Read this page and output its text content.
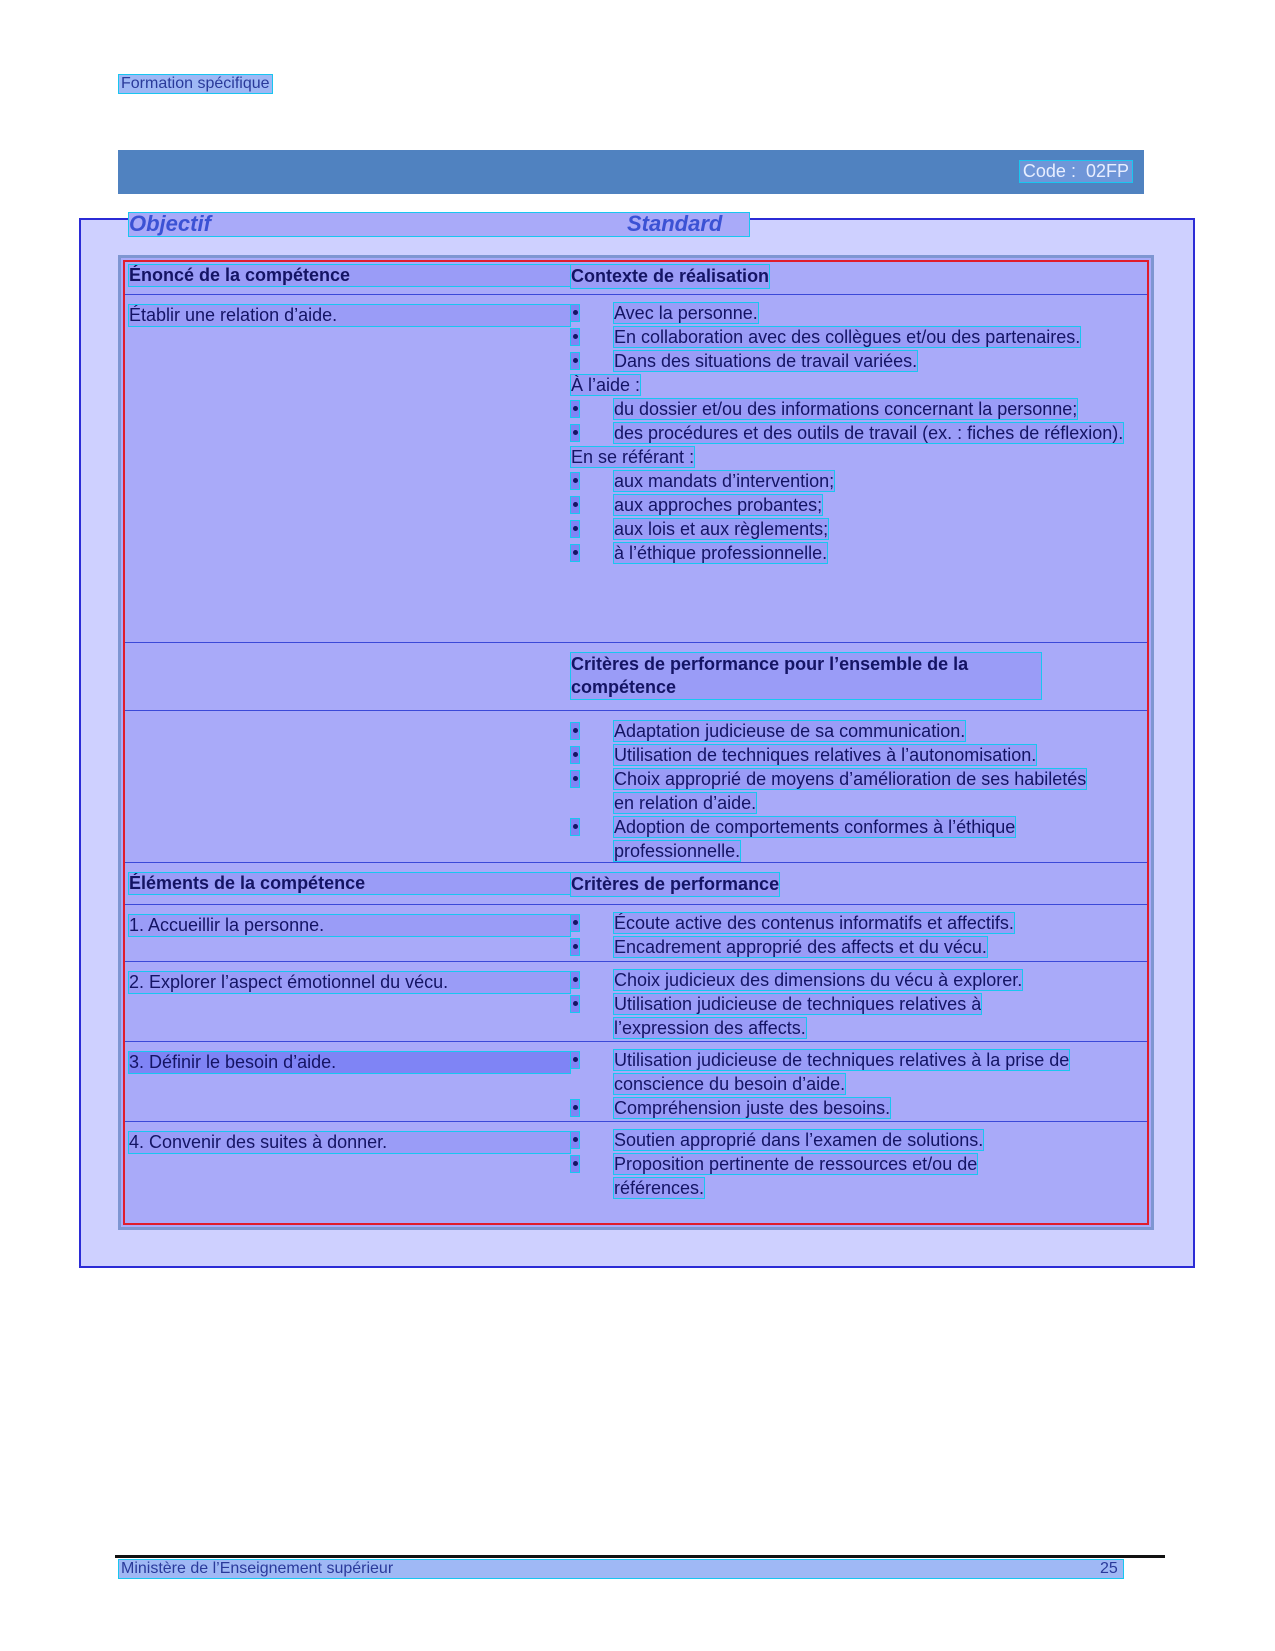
Formation spécifique
Code : 02FP
Objectif	Standard
Énoncé de la compétence	Contexte de réalisation
Établir une relation d’aide.	Avec la personne.
En collaboration avec des collègues et/ou des partenaires.
Dans des situations de travail variées.
À l’aide :
du dossier et/ou des informations concernant la personne;
des procédures et des outils de travail (ex. : fiches de réflexion).
En se référant :
aux mandats d’intervention;
aux approches probantes;
aux lois et aux règlements;
à l’éthique professionnelle.
Critères de performance pour l’ensemble de la compétence
Adaptation judicieuse de sa communication.
Utilisation de techniques relatives à l’autonomisation.
Choix approprié de moyens d’amélioration de ses habiletés en relation d’aide.
Adoption de comportements conformes à l’éthique professionnelle.
Éléments de la compétence	Critères de performance
1. Accueillir la personne.	Écoute active des contenus informatifs et affectifs.
Encadrement approprié des affects et du vécu.
2. Explorer l’aspect émotionnel du vécu.	Choix judicieux des dimensions du vécu à explorer.
Utilisation judicieuse de techniques relatives à l’expression des affects.
3. Définir le besoin d’aide.	Utilisation judicieuse de techniques relatives à la prise de conscience du besoin d’aide.
Compréhension juste des besoins.
4. Convenir des suites à donner.	Soutien approprié dans l’examen de solutions.
Proposition pertinente de ressources et/ou de références.
Ministère de l’Enseignement supérieur	25
